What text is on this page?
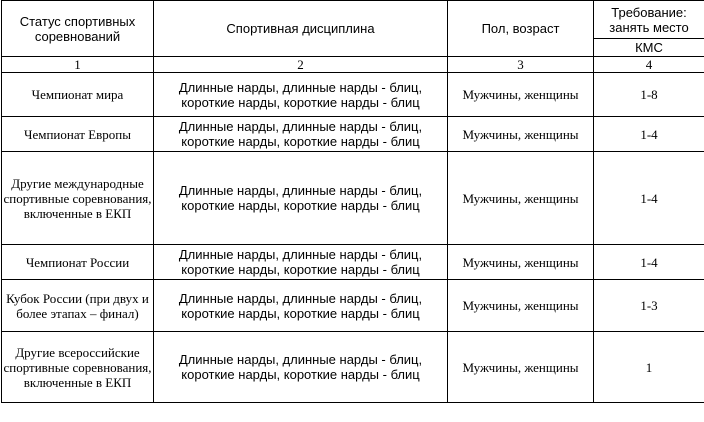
Статус спортивных соревнований	Спортивная дисциплина	Пол, возраст	Требование: занять место
			КМС
1	2	3	4
Чемпионат мира	Длинные нарды, длинные нарды - блиц, короткие нарды, короткие нарды - блиц	Мужчины, женщины	1-8
Чемпионат Европы	Длинные нарды, длинные нарды - блиц, короткие нарды, короткие нарды - блиц	Мужчины, женщины	1-4
Другие международные спортивные соревнования, включенные в ЕКП	Длинные нарды, длинные нарды - блиц, короткие нарды, короткие нарды - блиц	Мужчины, женщины	1-4
Чемпионат России	Длинные нарды, длинные нарды - блиц, короткие нарды, короткие нарды - блиц	Мужчины, женщины	1-4
Кубок России (при двух и более этапах – финал)	Длинные нарды, длинные нарды - блиц, короткие нарды, короткие нарды - блиц	Мужчины, женщины	1-3
Другие всероссийские спортивные соревнования, включенные в ЕКП	Длинные нарды, длинные нарды - блиц, короткие нарды, короткие нарды - блиц	Мужчины, женщины	1
